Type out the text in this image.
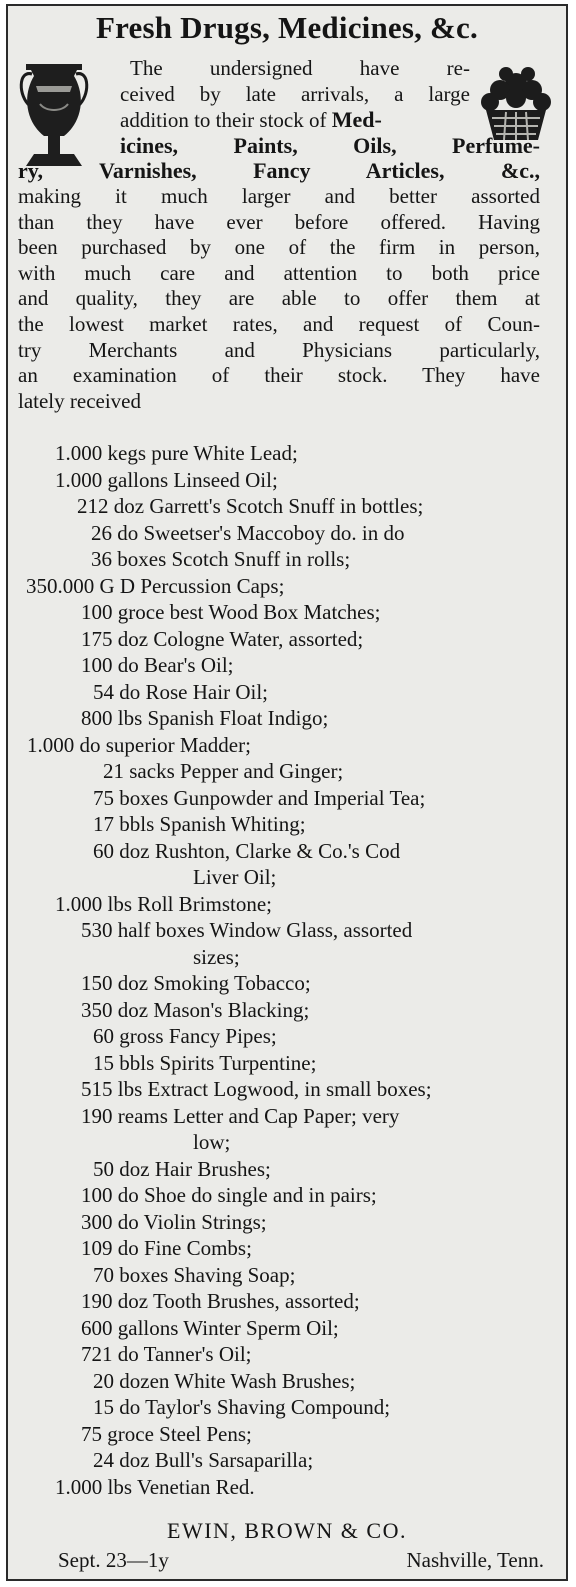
Fresh Drugs, Medicines, &c.
The undersigned have re-
ceived by late arrivals, a large
addition to their stock of Med-
icines, Paints, Oils, Perfume-
ry, Varnishes, Fancy Articles, &c.,
making it much larger and better assorted
than they have ever before offered. Having
been purchased by one of the firm in person,
with much care and attention to both price
and quality, they are able to offer them at
the lowest market rates, and request of Coun-
try Merchants and Physicians particularly,
an examination of their stock. They have
lately received
1.000 kegs pure White Lead;
1.000 gallons Linseed Oil;
212 doz Garrett's Scotch Snuff in bottles;
26 do Sweetser's Maccoboy do. in do
36 boxes Scotch Snuff in rolls;
350.000 G D Percussion Caps;
100 groce best Wood Box Matches;
175 doz Cologne Water, assorted;
100 do Bear's Oil;
54 do Rose Hair Oil;
800 lbs Spanish Float Indigo;
1.000 do superior Madder;
21 sacks Pepper and Ginger;
75 boxes Gunpowder and Imperial Tea;
17 bbls Spanish Whiting;
60 doz Rushton, Clarke & Co.'s Cod
Liver Oil;
1.000 lbs Roll Brimstone;
530 half boxes Window Glass, assorted
sizes;
150 doz Smoking Tobacco;
350 doz Mason's Blacking;
60 gross Fancy Pipes;
15 bbls Spirits Turpentine;
515 lbs Extract Logwood, in small boxes;
190 reams Letter and Cap Paper; very
low;
50 doz Hair Brushes;
100 do Shoe do single and in pairs;
300 do Violin Strings;
109 do Fine Combs;
70 boxes Shaving Soap;
190 doz Tooth Brushes, assorted;
600 gallons Winter Sperm Oil;
721 do Tanner's Oil;
20 dozen White Wash Brushes;
15 do Taylor's Shaving Compound;
75 groce Steel Pens;
24 doz Bull's Sarsaparilla;
1.000 lbs Venetian Red.
EWIN, BROWN & CO.
Sept. 23—1y	Nashville, Tenn.
